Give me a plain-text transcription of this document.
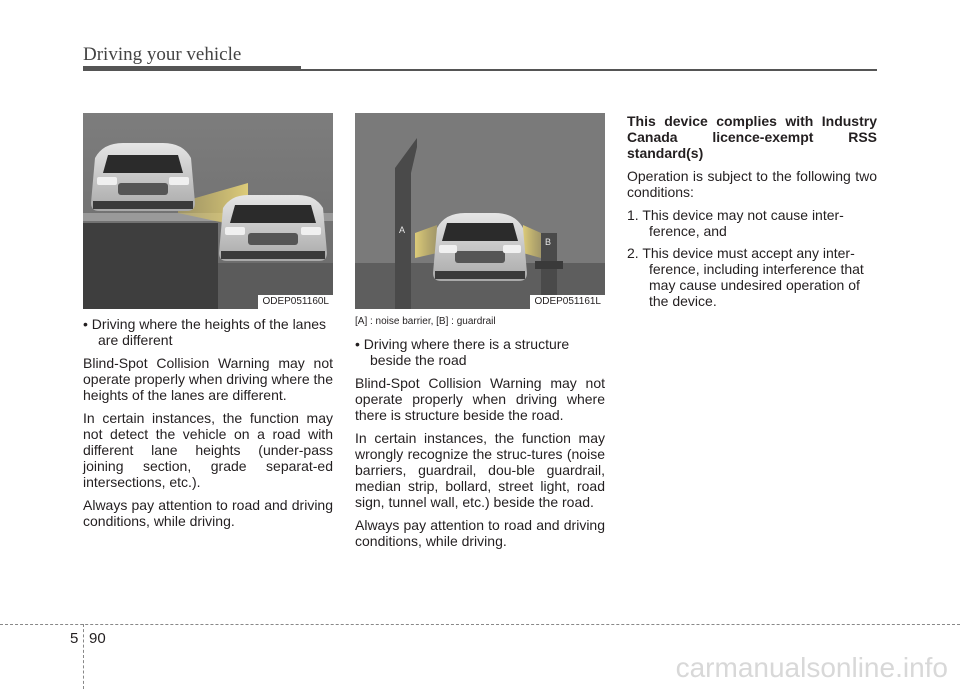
Driving your vehicle
ODEP051160L
A
B
ODEP051161L

• Driving where the heights of the lanes are different

Blind-Spot Collision Warning may not operate properly when driving where the heights of the lanes are different.

In certain instances, the function may not detect the vehicle on a road with different lane heights (under-pass joining section, grade separat-ed intersections, etc.).

Always pay attention to road and driving conditions, while driving.

[A] : noise barrier, [B] : guardrail

• Driving where there is a structure beside the road

Blind-Spot Collision Warning may not operate properly when driving where there is structure beside the road.

In certain instances, the function may wrongly recognize the struc-tures (noise barriers, guardrail, dou-ble guardrail, median strip, bollard, street light, road sign, tunnel wall, etc.) beside the road.

Always pay attention to road and driving conditions, while driving.

This device complies with Industry Canada licence-exempt RSS standard(s)

Operation is subject to the following two conditions:

1. This device may not cause inter-ference, and

2. This device must accept any inter-ference, including interference that may cause undesired operation of the device.

5 90
carmanualsonline.info
